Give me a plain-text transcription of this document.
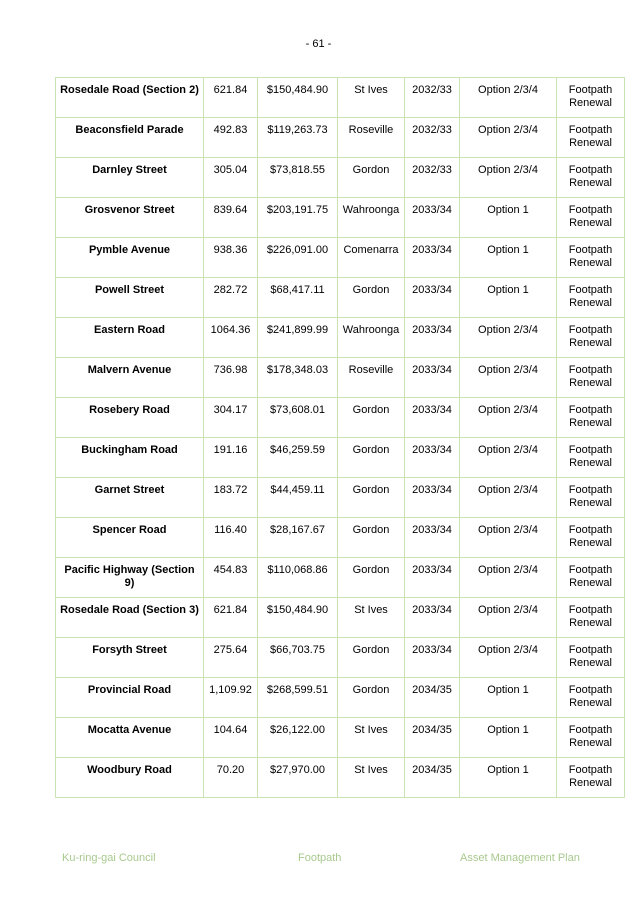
- 61 -
Rosedale Road (Section 2)	621.84	$150,484.90	St Ives	2032/33	Option 2/3/4	Footpath Renewal
Beaconsfield Parade	492.83	$119,263.73	Roseville	2032/33	Option 2/3/4	Footpath Renewal
Darnley Street	305.04	$73,818.55	Gordon	2032/33	Option 2/3/4	Footpath Renewal
Grosvenor Street	839.64	$203,191.75	Wahroonga	2033/34	Option 1	Footpath Renewal
Pymble Avenue	938.36	$226,091.00	Comenarra	2033/34	Option 1	Footpath Renewal
Powell Street	282.72	$68,417.11	Gordon	2033/34	Option 1	Footpath Renewal
Eastern Road	1064.36	$241,899.99	Wahroonga	2033/34	Option 2/3/4	Footpath Renewal
Malvern Avenue	736.98	$178,348.03	Roseville	2033/34	Option 2/3/4	Footpath Renewal
Rosebery Road	304.17	$73,608.01	Gordon	2033/34	Option 2/3/4	Footpath Renewal
Buckingham Road	191.16	$46,259.59	Gordon	2033/34	Option 2/3/4	Footpath Renewal
Garnet Street	183.72	$44,459.11	Gordon	2033/34	Option 2/3/4	Footpath Renewal
Spencer Road	116.40	$28,167.67	Gordon	2033/34	Option 2/3/4	Footpath Renewal
Pacific Highway (Section 9)	454.83	$110,068.86	Gordon	2033/34	Option 2/3/4	Footpath Renewal
Rosedale Road (Section 3)	621.84	$150,484.90	St Ives	2033/34	Option 2/3/4	Footpath Renewal
Forsyth Street	275.64	$66,703.75	Gordon	2033/34	Option 2/3/4	Footpath Renewal
Provincial Road	1,109.92	$268,599.51	Gordon	2034/35	Option 1	Footpath Renewal
Mocatta Avenue	104.64	$26,122.00	St Ives	2034/35	Option 1	Footpath Renewal
Woodbury Road	70.20	$27,970.00	St Ives	2034/35	Option 1	Footpath Renewal
Ku-ring-gai Council	Footpath	Asset Management Plan
